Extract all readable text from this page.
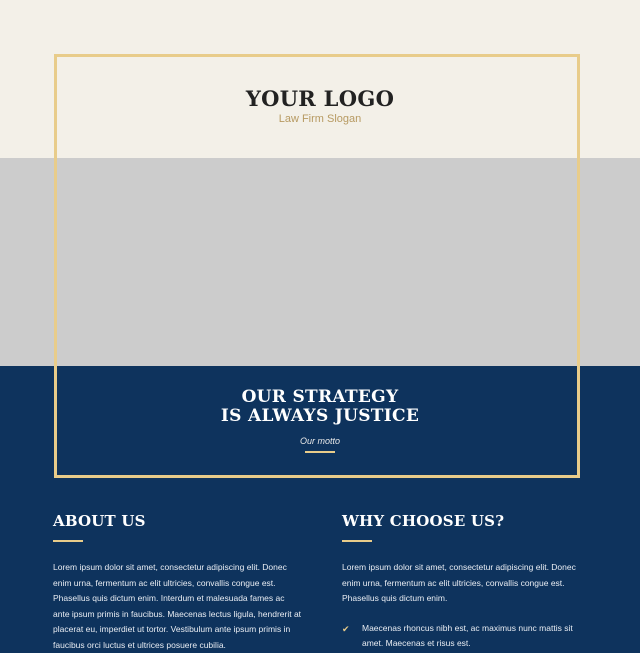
YOUR LOGO
Law Firm Slogan
OUR STRATEGY
IS ALWAYS JUSTICE
Our motto
ABOUT US

Lorem ipsum dolor sit amet, consectetur adipiscing elit. Donec enim urna, fermentum ac elit ultricies, convallis congue est. Phasellus quis dictum enim. Interdum et malesuada fames ac ante ipsum primis in faucibus. Maecenas lectus ligula, hendrerit at placerat eu, imperdiet ut tortor. Vestibulum ante ipsum primis in faucibus orci luctus et ultrices posuere cubilia.

WHY CHOOSE US?

Lorem ipsum dolor sit amet, consectetur adipiscing elit. Donec enim urna, fermentum ac elit ultricies, convallis congue est. Phasellus quis dictum enim.

✔ Maecenas rhoncus nibh est, ac maximus nunc mattis sit amet. Maecenas et risus est.
